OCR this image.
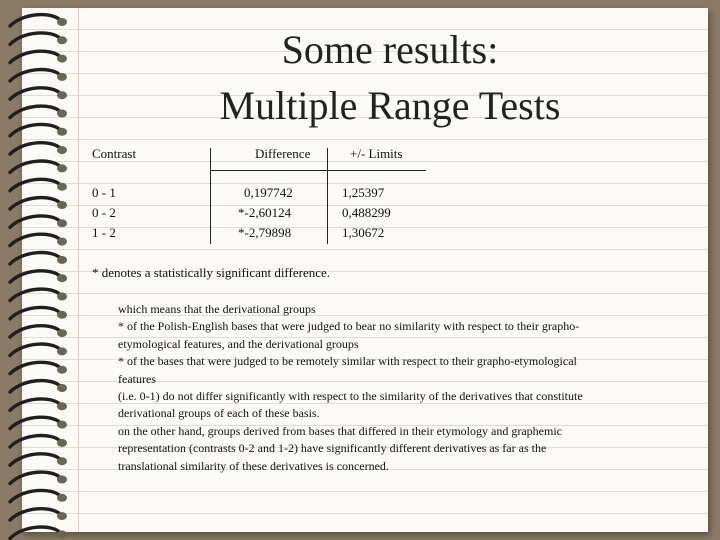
Some results:
Multiple Range Tests
Contrast	Difference	+/- Limits
0 - 1
0 - 2
1 - 2
0,197742
*-2,60124
*-2,79898
1,25397
0,488299
1,30672
* denotes a statistically significant difference.
which means that the derivational groups
* of the Polish-English bases that were judged to bear no similarity with respect to their grapho-
etymological features, and the derivational groups
* of the bases that were judged to be remotely similar with respect to their grapho-etymological
features
(i.e. 0-1) do not differ significantly with respect to the similarity of the derivatives that constitute
derivational groups of each of these basis.
on the other hand, groups derived from bases that differed in their etymology and graphemic
representation (contrasts 0-2 and 1-2) have significantly different derivatives as far as the
translational similarity of these derivatives is concerned.
